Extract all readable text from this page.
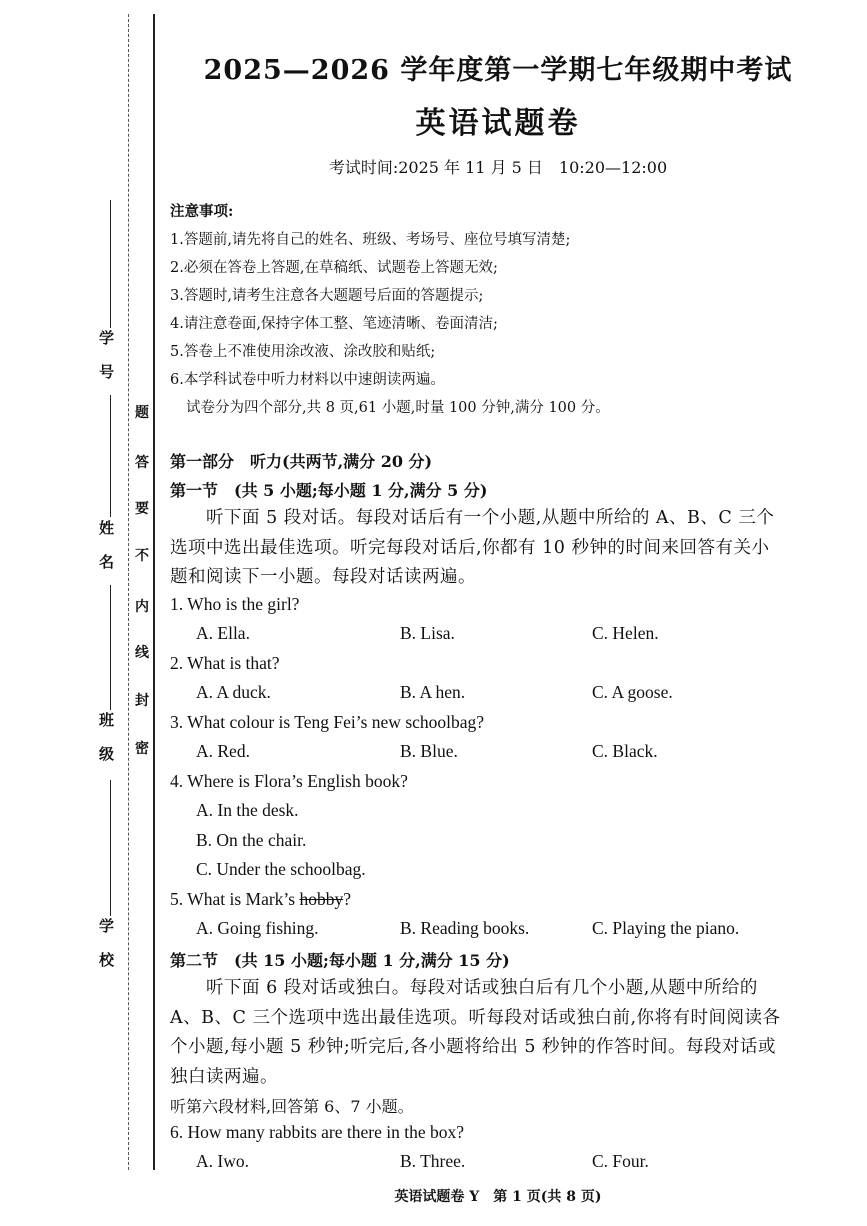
学　号
姓　名
班　级
学　校
题
答
要
不
内
线
封
密
2025—2026 学年度第一学期七年级期中考试
英语试题卷
考试时间:2025 年 11 月 5 日　10:20—12:00
注意事项:
1.答题前,请先将自己的姓名、班级、考场号、座位号填写清楚;
2.必须在答卷上答题,在草稿纸、试题卷上答题无效;
3.答题时,请考生注意各大题题号后面的答题提示;
4.请注意卷面,保持字体工整、笔迹清晰、卷面清洁;
5.答卷上不准使用涂改液、涂改胶和贴纸;
6.本学科试卷中听力材料以中速朗读两遍。
试卷分为四个部分,共 8 页,61 小题,时量 100 分钟,满分 100 分。
第一部分　听力(共两节,满分 20 分)
第一节　(共 5 小题;每小题 1 分,满分 5 分)
听下面 5 段对话。每段对话后有一个小题,从题中所给的 A、B、C 三个选项中选出最佳选项。听完每段对话后,你都有 10 秒钟的时间来回答有关小题和阅读下一小题。每段对话读两遍。
1. Who is the girl?
A. Ella.	B. Lisa.	C. Helen.
2. What is that?
A. A duck.	B. A hen.	C. A goose.
3. What colour is Teng Fei’s new schoolbag?
A. Red.	B. Blue.	C. Black.
4. Where is Flora’s English book?
A. In the desk.
B. On the chair.
C. Under the schoolbag.
5. What is Mark’s hobby?
A. Going fishing.	B. Reading books.	C. Playing the piano.
第二节　(共 15 小题;每小题 1 分,满分 15 分)
听下面 6 段对话或独白。每段对话或独白后有几个小题,从题中所给的 A、B、C 三个选项中选出最佳选项。听每段对话或独白前,你将有时间阅读各个小题,每小题 5 秒钟;听完后,各小题将给出 5 秒钟的作答时间。每段对话或独白读两遍。
听第六段材料,回答第 6、7 小题。
6. How many rabbits are there in the box?
A. Iwo.	B. Three.	C. Four.
英语试题卷 Y　第 1 页(共 8 页)
